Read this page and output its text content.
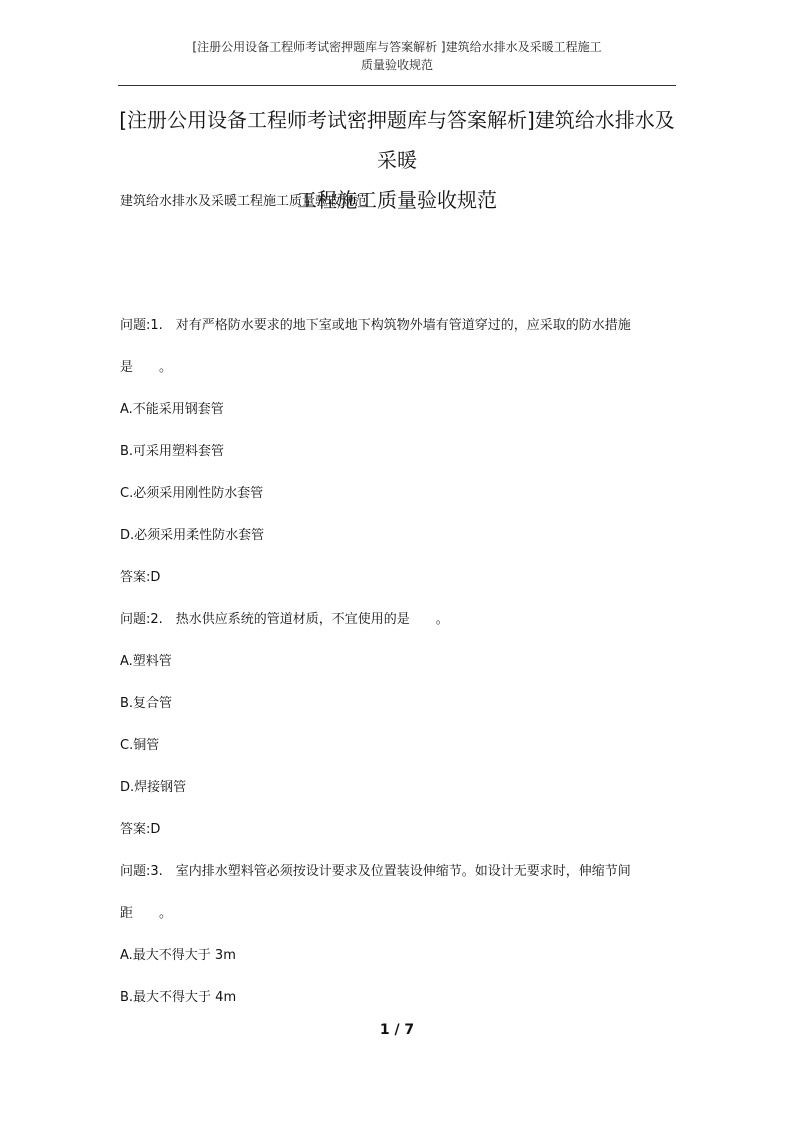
[注册公用设备工程师考试密押题库与答案解析 ]建筑给水排水及采暖工程施工
质量验收规范
[注册公用设备工程师考试密押题库与答案解析]建筑给水排水及采暖
工程施工质量验收规范
建筑给水排水及采暖工程施工质量验收规范

问题:1.　对有严格防水要求的地下室或地下构筑物外墙有管道穿过的，应采取的防水措施
是　　。

A.不能采用钢套管
B.可采用塑料套管
C.必须采用刚性防水套管
D.必须采用柔性防水套管
答案:D

问题:2.　热水供应系统的管道材质，不宜使用的是　　。

A.塑料管
B.复合管
C.铜管
D.焊接钢管
答案:D

问题:3.　室内排水塑料管必须按设计要求及位置装设伸缩节。如设计无要求时，伸缩节间
距　　。

A.最大不得大于 3m
B.最大不得大于 4m
1 / 7
